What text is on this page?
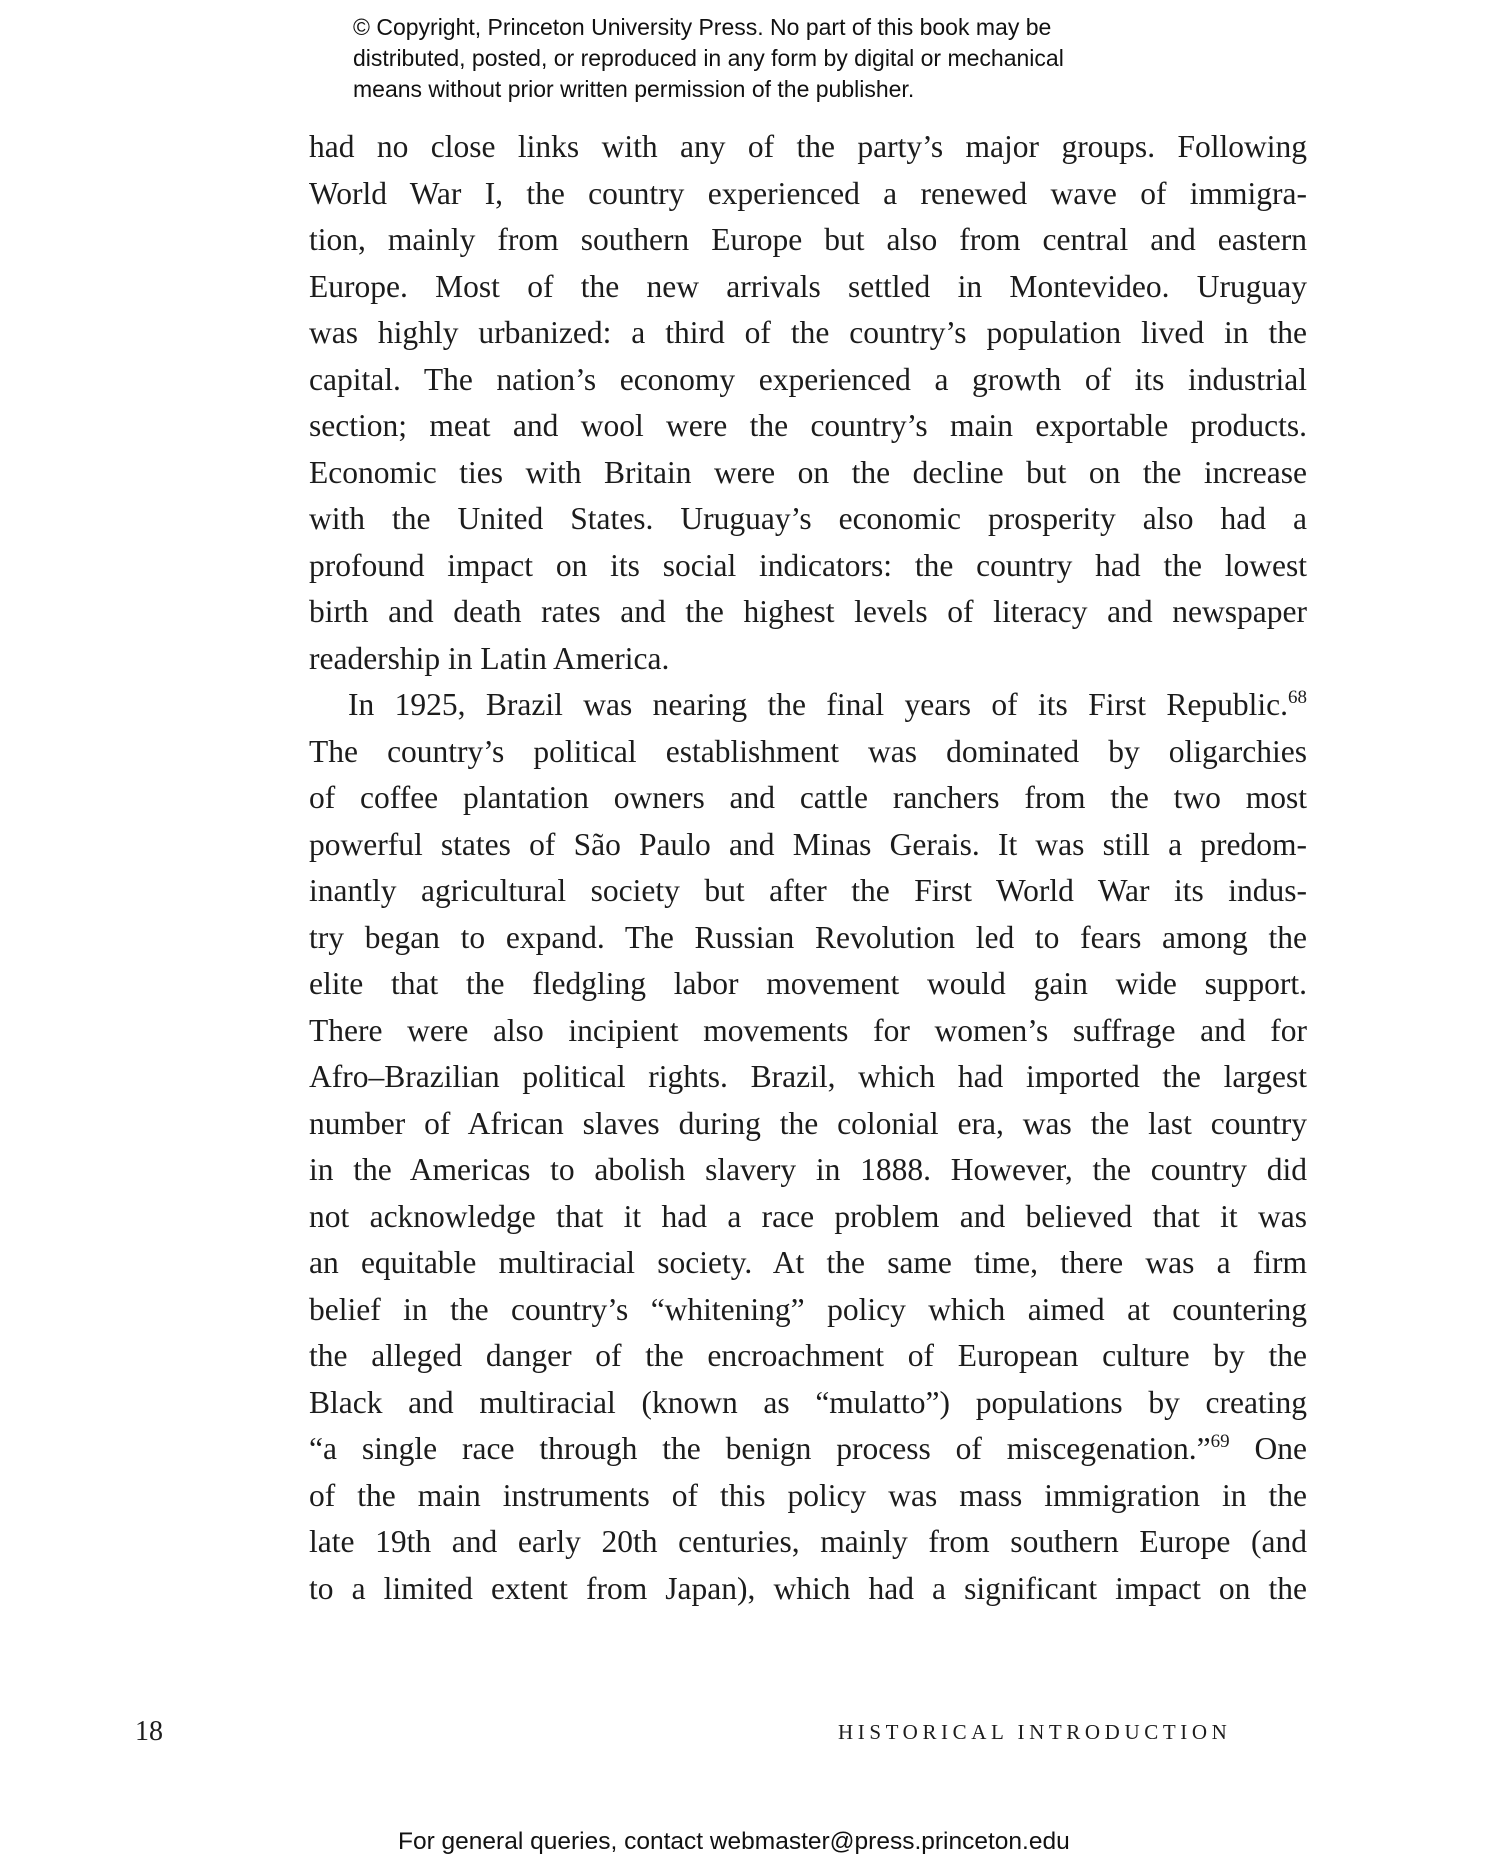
© Copyright, Princeton University Press. No part of this book may be
distributed, posted, or reproduced in any form by digital or mechanical
means without prior written permission of the publisher.
had no close links with any of the party’s major groups. Following
World War I, the country experienced a renewed wave of immigra-
tion, mainly from southern Europe but also from central and eastern
Europe. Most of the new arrivals settled in Montevideo. Uruguay
was highly urbanized: a third of the country’s population lived in the
capital. The nation’s economy experienced a growth of its industrial
section; meat and wool were the country’s main exportable products.
Economic ties with Britain were on the decline but on the increase
with the United States. Uruguay’s economic prosperity also had a
profound impact on its social indicators: the country had the lowest
birth and death rates and the highest levels of literacy and newspaper
readership in Latin America.
In 1925, Brazil was nearing the final years of its First Republic.$^{68}$
The country’s political establishment was dominated by oligarchies
of coffee plantation owners and cattle ranchers from the two most
powerful states of São Paulo and Minas Gerais. It was still a predom-
inantly agricultural society but after the First World War its indus-
try began to expand. The Russian Revolution led to fears among the
elite that the fledgling labor movement would gain wide support.
There were also incipient movements for women’s suffrage and for
Afro–Brazilian political rights. Brazil, which had imported the largest
number of African slaves during the colonial era, was the last country
in the Americas to abolish slavery in 1888. However, the country did
not acknowledge that it had a race problem and believed that it was
an equitable multiracial society. At the same time, there was a firm
belief in the country’s “whitening” policy which aimed at countering
the alleged danger of the encroachment of European culture by the
Black and multiracial (known as “mulatto”) populations by creating
“a single race through the benign process of miscegenation.”$^{69}$ One
of the main instruments of this policy was mass immigration in the
late 19th and early 20th centuries, mainly from southern Europe (and
to a limited extent from Japan), which had a significant impact on the
18	HISTORICAL INTRODUCTION
For general queries, contact webmaster@press.princeton.edu
